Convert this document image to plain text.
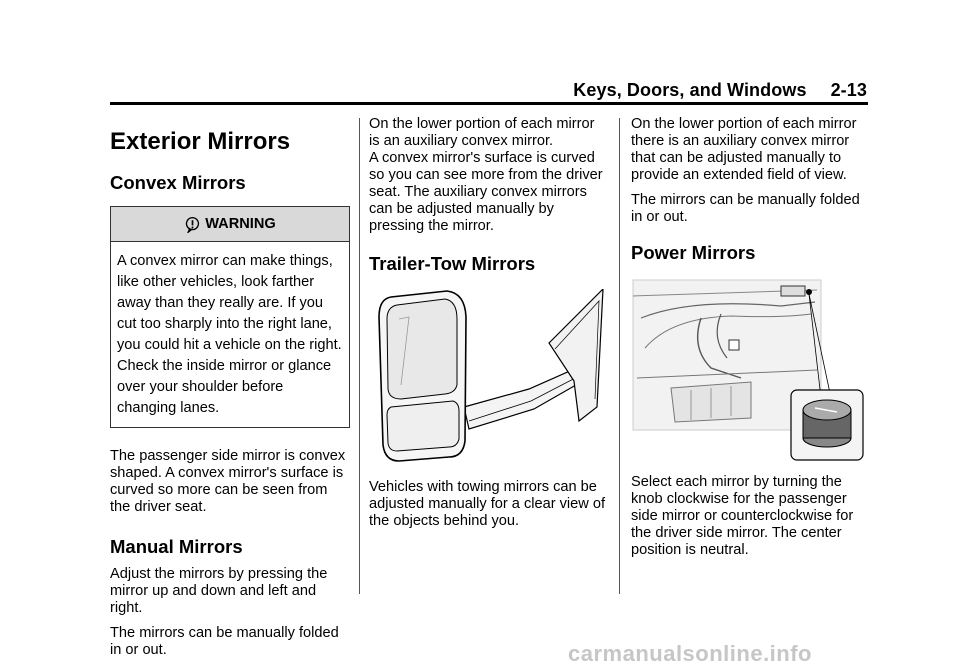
Keys, Doors, and Windows 2-13
Exterior Mirrors
Convex Mirrors
WARNING
A convex mirror can make things, like other vehicles, look farther away than they really are. If you cut too sharply into the right lane, you could hit a vehicle on the right. Check the inside mirror or glance over your shoulder before changing lanes.

The passenger side mirror is convex shaped. A convex mirror's surface is curved so more can be seen from the driver seat.

Manual Mirrors

Adjust the mirrors by pressing the mirror up and down and left and right.

The mirrors can be manually folded in or out.

On the lower portion of each mirror is an auxiliary convex mirror.

A convex mirror's surface is curved so you can see more from the driver seat. The auxiliary convex mirrors can be adjusted manually by pressing the mirror.

Trailer-Tow Mirrors

Vehicles with towing mirrors can be adjusted manually for a clear view of the objects behind you.

On the lower portion of each mirror there is an auxiliary convex mirror that can be adjusted manually to provide an extended field of view.

The mirrors can be manually folded in or out.

Power Mirrors

Select each mirror by turning the knob clockwise for the passenger side mirror or counterclockwise for the driver side mirror. The center position is neutral.

carmanualsonline.info
